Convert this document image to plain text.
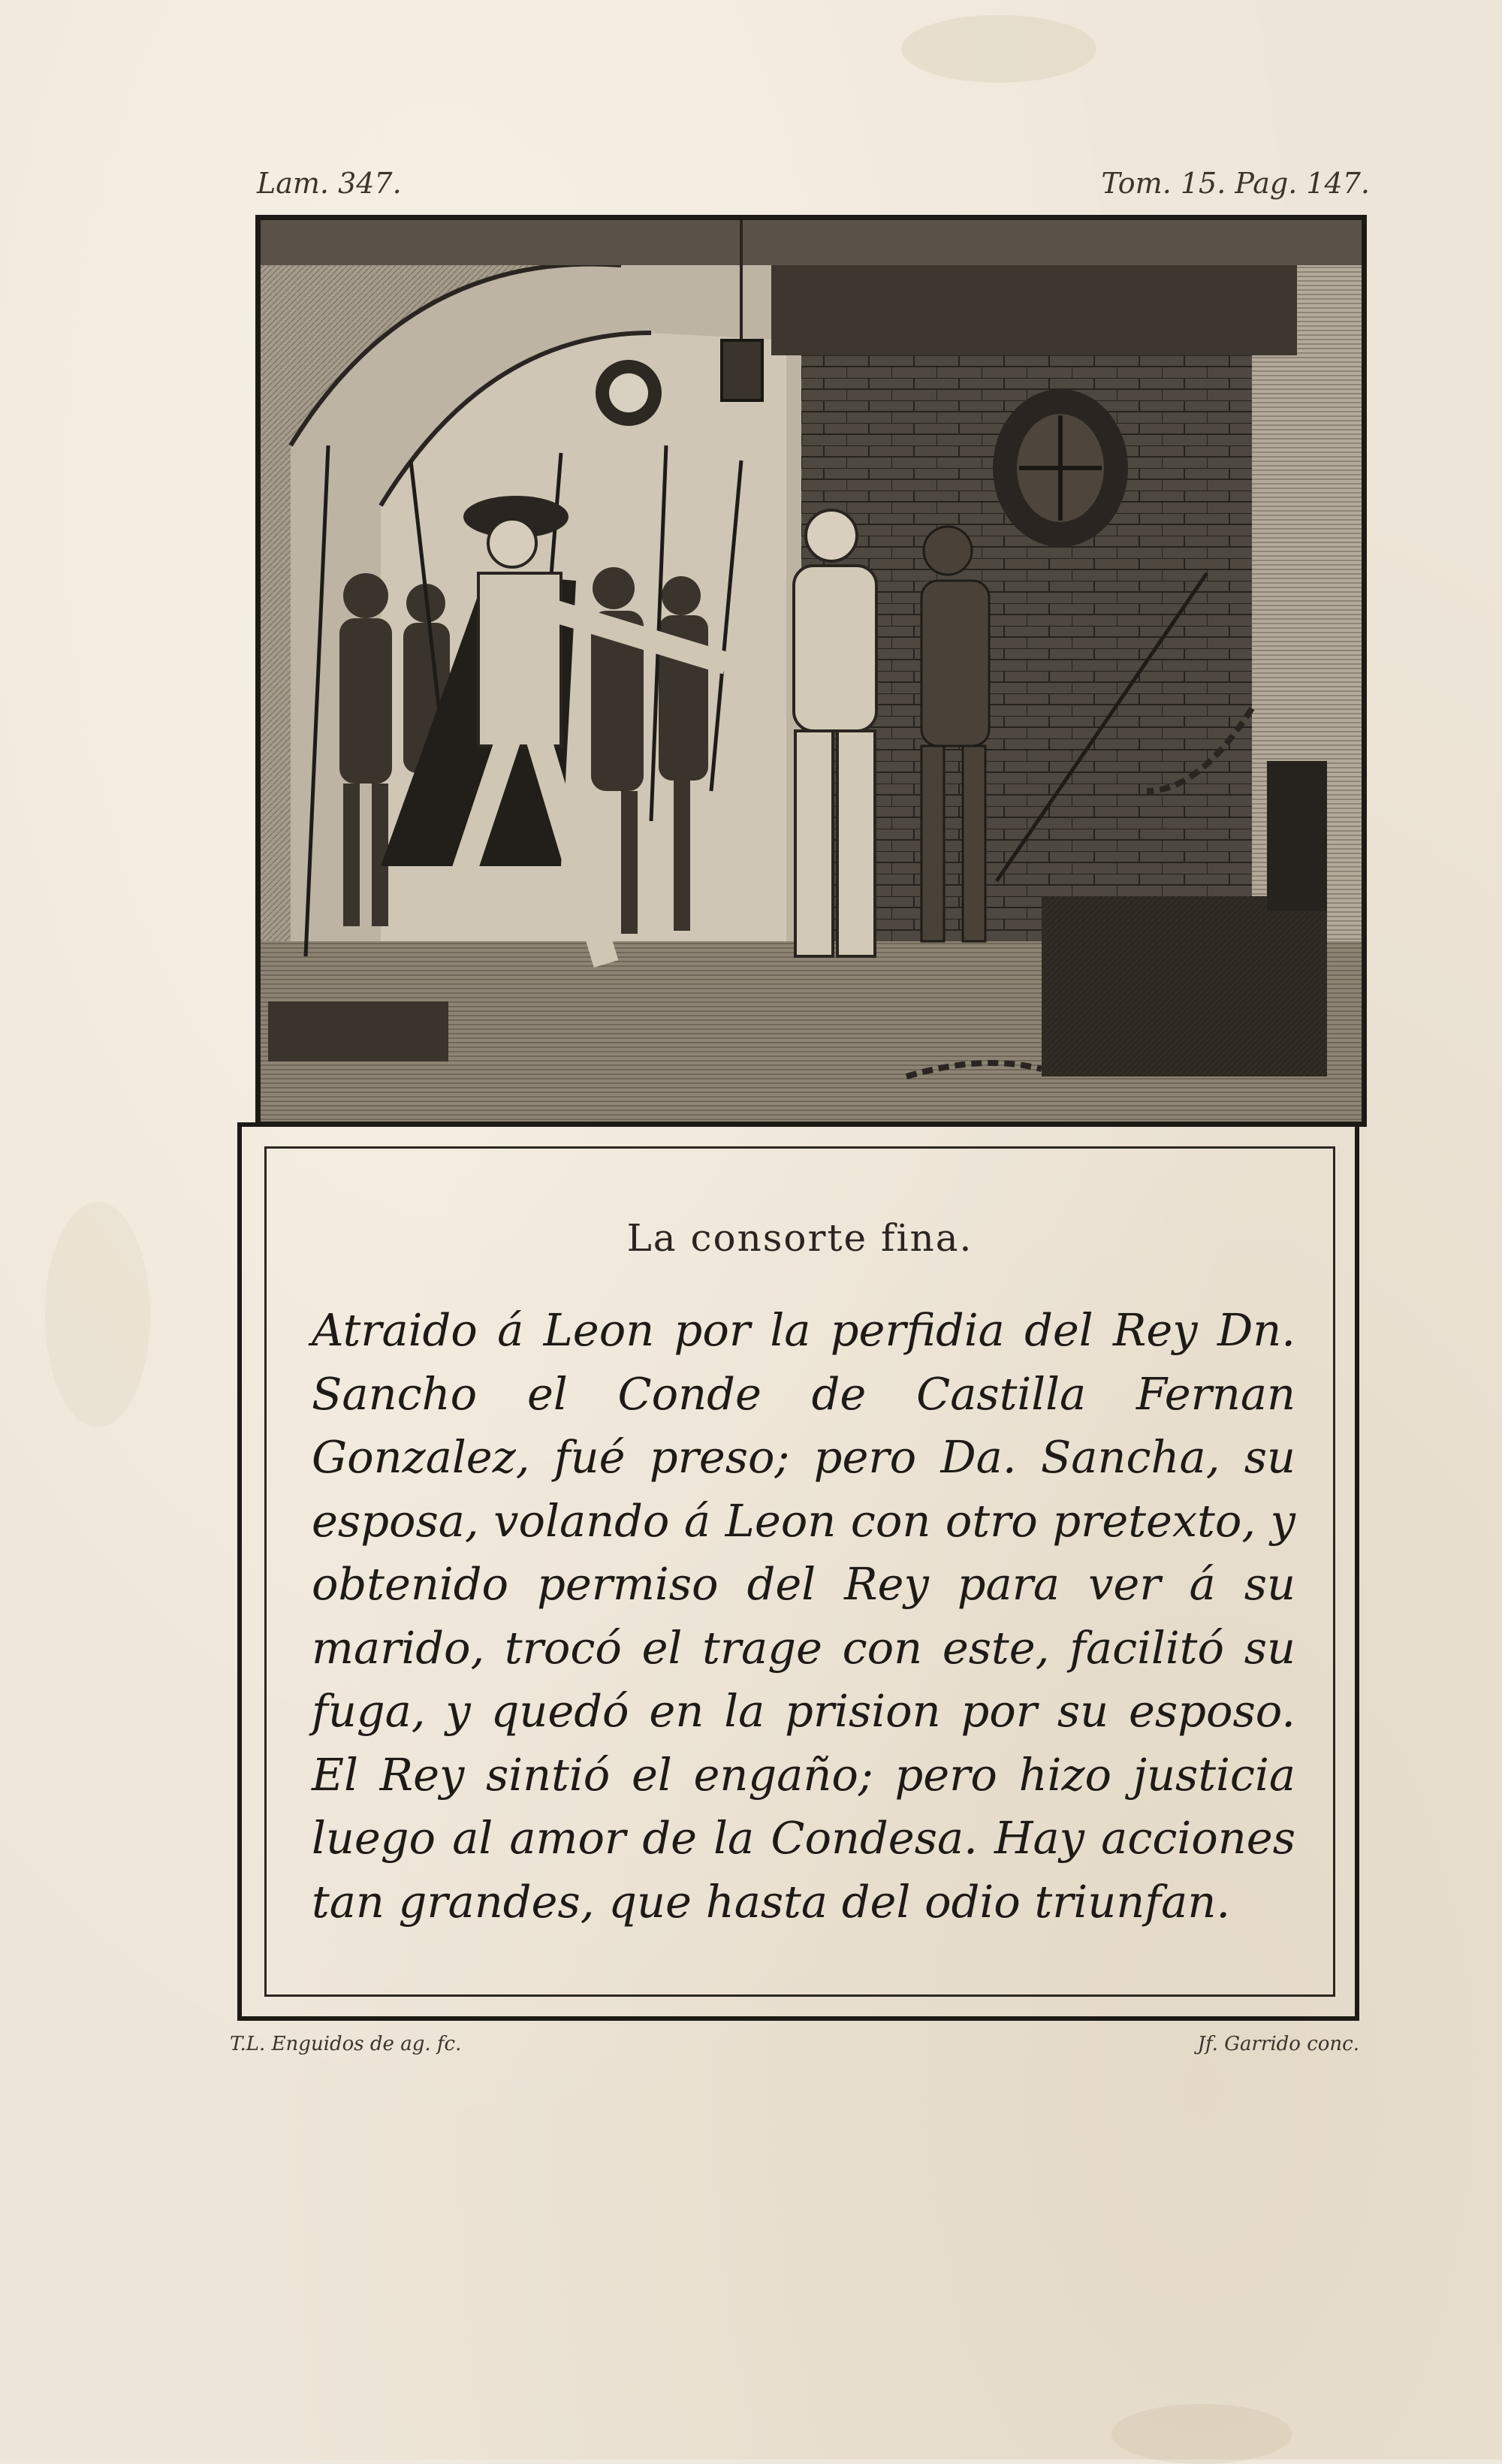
Lam. 347.	Tom. 15. Pag. 147.
La consorte fina.
Atraido á Leon por la perfidia del Rey Dn. Sancho el Conde de Castilla Fernan Gonzalez, fué preso; pero Da. Sancha, su esposa, volando á Leon con otro pretexto, y obtenido permiso del Rey para ver á su marido, trocó el trage con este, facilitó su fuga, y quedó en la prision por su esposo. El Rey sintió el engaño; pero hizo justicia luego al amor de la Condesa. Hay acciones tan grandes, que hasta del odio triunfan.
T.L. Enguidos de ag. fc.	Jf. Garrido conc.
